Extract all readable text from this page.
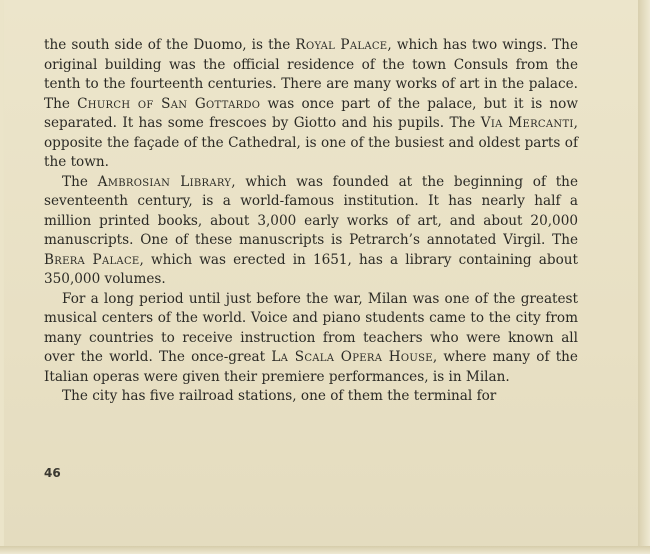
the south side of the Duomo, is the Royal Palace, which has two wings. The original building was the official residence of the town Consuls from the tenth to the fourteenth centuries. There are many works of art in the palace. The Church of San Gottardo was once part of the palace, but it is now separated. It has some frescoes by Giotto and his pupils. The Via Mercanti, opposite the façade of the Cathedral, is one of the busiest and oldest parts of the town.

The Ambrosian Library, which was founded at the beginning of the seventeenth century, is a world-famous institution. It has nearly half a million printed books, about 3,000 early works of art, and about 20,000 manuscripts. One of these manuscripts is Petrarch’s annotated Virgil. The Brera Palace, which was erected in 1651, has a library containing about 350,000 volumes.

For a long period until just before the war, Milan was one of the greatest musical centers of the world. Voice and piano students came to the city from many countries to receive instruction from teachers who were known all over the world. The once-great La Scala Opera House, where many of the Italian operas were given their premiere performances, is in Milan.

The city has five railroad stations, one of them the terminal for

46
